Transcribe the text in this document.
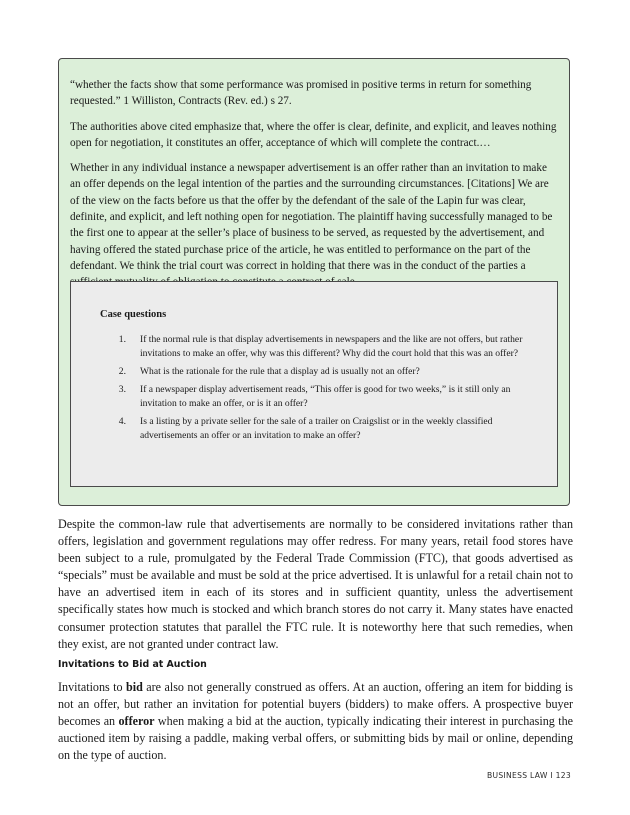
“whether the facts show that some performance was promised in positive terms in return for something requested.” 1 Williston, Contracts (Rev. ed.) s 27.

The authorities above cited emphasize that, where the offer is clear, definite, and explicit, and leaves nothing open for negotiation, it constitutes an offer, acceptance of which will complete the contract.…

Whether in any individual instance a newspaper advertisement is an offer rather than an invitation to make an offer depends on the legal intention of the parties and the surrounding circumstances. [Citations] We are of the view on the facts before us that the offer by the defendant of the sale of the Lapin fur was clear, definite, and explicit, and left nothing open for negotiation. The plaintiff having successfully managed to be the first one to appear at the seller’s place of business to be served, as requested by the advertisement, and having offered the stated purchase price of the article, he was entitled to performance on the part of the defendant. We think the trial court was correct in holding that there was in the conduct of the parties a

Case questions
1.	If the normal rule is that display advertisements in newspapers and the like are not offers, but rather invitations to make an offer, why was this different? Why did the court hold that this was an offer?
2.	What is the rationale for the rule that a display ad is usually not an offer?
3.	If a newspaper display advertisement reads, “This offer is good for two weeks,” is it still only an invitation to make an offer, or is it an offer?
4.	Is a listing by a private seller for the sale of a trailer on Craigslist or in the weekly classified advertisements an offer or an invitation to make an offer?

Despite the common-law rule that advertisements are normally to be considered invitations rather than offers, legislation and government regulations may offer redress. For many years, retail food stores have been subject to a rule, promulgated by the Federal Trade Commission (FTC), that goods advertised as “specials” must be available and must be sold at the price advertised. It is unlawful for a retail chain not to have an advertised item in each of its stores and in sufficient quantity, unless the advertisement specifically states how much is stocked and which branch stores do not carry it. Many states have enacted consumer protection statutes that parallel the FTC rule. It is noteworthy here that such remedies, when they exist, are not granted under contract law.

Invitations to Bid at Auction

Invitations to bid are also not generally construed as offers. At an auction, offering an item for bidding is not an offer, but rather an invitation for potential buyers (bidders) to make offers. A prospective buyer becomes an offeror when making a bid at the auction, typically indicating their interest in purchasing the auctioned item by raising a paddle, making verbal offers, or submitting bids by mail or online, depending on the type of auction.

BUSINESS LAW I 123
